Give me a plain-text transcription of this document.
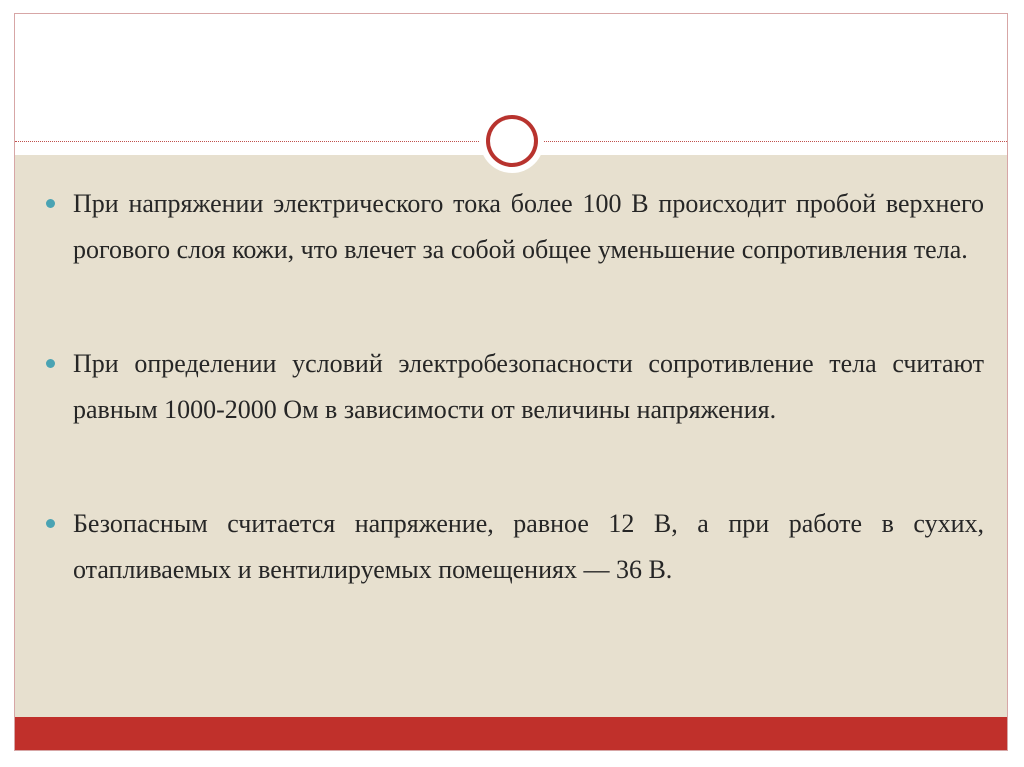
При напряжении электрического тока более 100 В происходит пробой верхнего рогового слоя кожи, что влечет за собой общее уменьшение сопротивления тела.
При определении условий электробезопасности сопротивление тела считают равным 1000-2000 Ом в зависимости от величины напряжения.
Безопасным считается напряжение, равное 12 В, а при работе в сухих, отапливаемых и вентилируемых помещениях — 36 В.
